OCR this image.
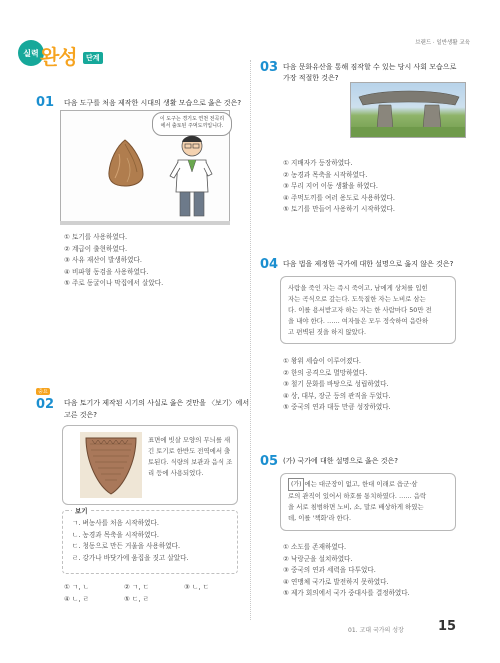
실력 완성	단계
브랜드 · 일반생활 교육
01 다음 도구를 처음 제작한 시대의 생활 모습으로 옳은 것은?
이 도구는 경기도 연천 전곡리에서 출토된 주먹도끼입니다.
① 토기를 사용하였다.
② 계급이 출현하였다.
③ 사유 재산이 발생하였다.
④ 비파형 동검을 사용하였다.
⑤ 주로 동굴이나 막집에서 살았다.
중요
02 다음 토기가 제작된 시기의 사실로 옳은 것만을 〈보기〉에서
고른 것은?
표면에 빗살 모양의 무늬를 새
긴 토기로 한반도 전역에서 출
토된다. 식량의 보관과 음식 조
리 등에 사용되었다.
보기
ㄱ. 벼농사를 처음 시작하였다.
ㄴ. 농경과 목축을 시작하였다.
ㄷ. 청동으로 만든 거울을 사용하였다.
ㄹ. 강가나 바닷가에 움집을 짓고 살았다.
① ㄱ, ㄴ	② ㄱ, ㄷ	③ ㄴ, ㄷ
④ ㄴ, ㄹ	⑤ ㄷ, ㄹ
03 다음 문화유산을 통해 짐작할 수 있는 당시 사회 모습으로
가장 적절한 것은?
① 지배자가 등장하였다.
② 농경과 목축을 시작하였다.
③ 무리 지어 이동 생활을 하였다.
④ 주먹도끼를 여러 용도로 사용하였다.
⑤ 토기를 만들어 사용하기 시작하였다.
04 다음 법을 제정한 국가에 대한 설명으로 옳지 않은 것은?
사람을 죽인 자는 즉시 죽이고, 남에게 상처를 입힌
자는 곡식으로 갚는다. 도둑질한 자는 노비로 삼는
다. 이를 용서받고자 하는 자는 한 사람마다 50만 전
을 내야 한다. …… 여자들은 모두 정숙하여 음란하
고 편벽된 짓을 하지 않았다.
① 왕위 세습이 이루어졌다.
② 한의 공격으로 멸망하였다.
③ 철기 문화를 바탕으로 성립하였다.
④ 상, 대부, 장군 등의 관직을 두었다.
⑤ 중국의 연과 대등 만큼 성장하였다.
05 (가) 국가에 대한 설명으로 옳은 것은?
(가) 에는 대군장이 없고, 한대 이래로 읍군·삼
로의 관직이 있어서 하호를 통치하였다. …… 음락
을 서로 침범하면 노비, 소, 말로 배상하게 하였는
데, 이를 '책화'라 한다.
① 소도를 존재하였다.
② 낙랑군을 설치하였다.
③ 중국의 연과 세력을 다투었다.
④ 연맹체 국가로 발전하지 못하였다.
⑤ 제가 회의에서 국가 중대사를 결정하였다.
01. 고대 국가의 성장	15
